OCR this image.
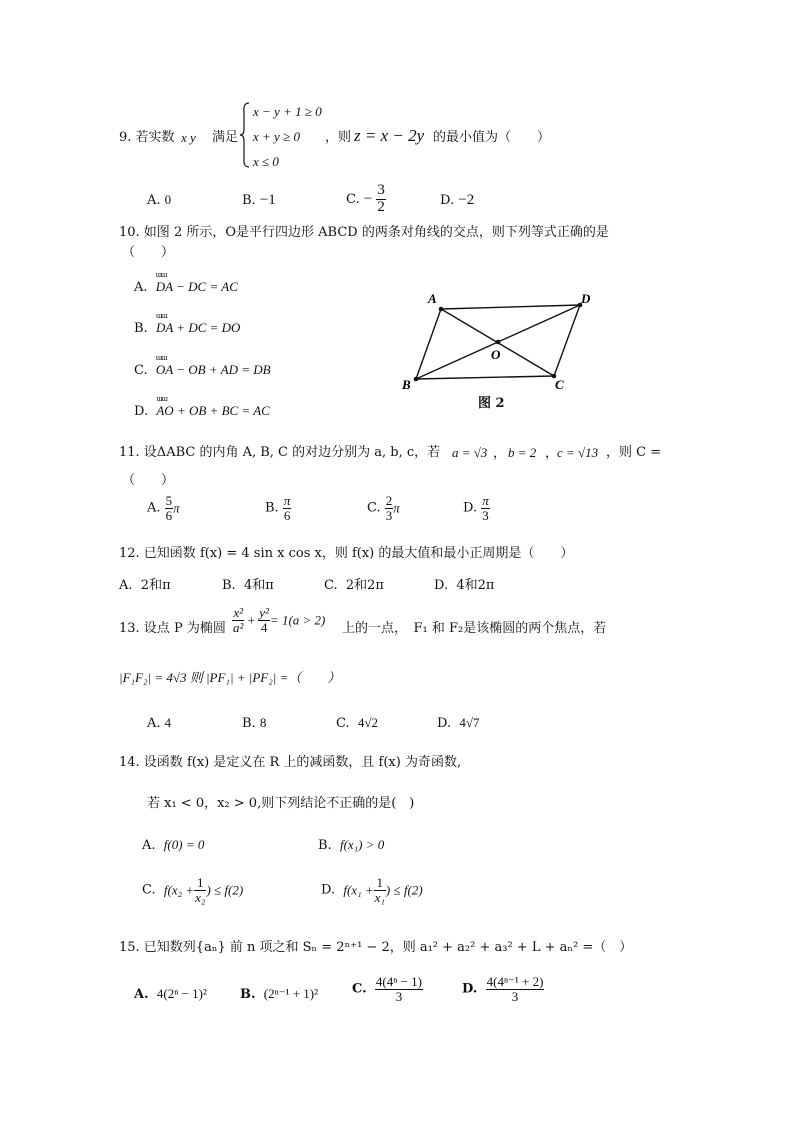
9. 若实数 x y 满足
x − y + 1 ≥ 0
x + y ≥ 0
x ≤ 0
，则 z = x − 2y 的最小值为（　　）
A. 0	B. −1	C. − $\frac{3}{2}$	D. −2
10. 如图 2 所示，O是平行四边形 ABCD 的两条对角线的交点，则下列等式正确的是
（　　）
A. ɯɯ DA − DC = AC
B. ɯɯ DA + DC = DO
C. ɯɯ OA − OB + AD = DB
D. ɯɯ AO + OB + BC = AC
A	D
O
B	C
图 2
11. 设ΔABC 的内角 A, B, C 的对边分别为 a, b, c，若 a = √3 ， b = 2 ，
c = √13 ，则 C =
（　　）
A. $\frac{5}{6}$ π	B. $\frac{\pi}{6}$	C. $\frac{2}{3}$ π	D. $\frac{\pi}{3}$
12. 已知函数 f(x) = 4 sin x cos x，则 f(x) 的最大值和最小正周期是（　　）
A. 2和π	B. 4和π	C. 2和2π	D. 4和2π
13. 设点 P 为椭圆 $\frac{\text{x²}}{\text{a²}} + \frac{\text{y²}}{4} = 1(a > 2)$
上的一点，　F₁ 和 F₂是该椭圆的两个焦点，若
|F₁F₂| = 4√3 则 |PF₁| + |PF₂| =（　　）
A. 4	B. 8	C. 4√2	D. 4√7
14. 设函数 f(x) 是定义在 R 上的减函数，且 f(x) 为奇函数,
若 x₁ < 0，x₂ > 0,则下列结论不正确的是(　)
A. f(0) = 0	B. f(x₁) > 0
C. $f(x_2 + \frac{1}{\text{x₂}}$ ) ≤ f(2)	D. $f(x_1 + \frac{1}{\text{x₁}}$ ) ≤ f(2)
15. 已知数列{aₙ} 前 n 项之和 Sₙ = 2ⁿ⁺¹ − 2，则 a₁² + a₂² + a₃² + L + aₙ² =（　）
A. 4(2ⁿ − 1)²	B. (2ⁿ⁻¹ + 1)²	C. $\frac{\text{4(4ⁿ − 1)}}{3}$	D. $\frac{\text{4(4ⁿ⁻¹ + 2)}}{3}$
